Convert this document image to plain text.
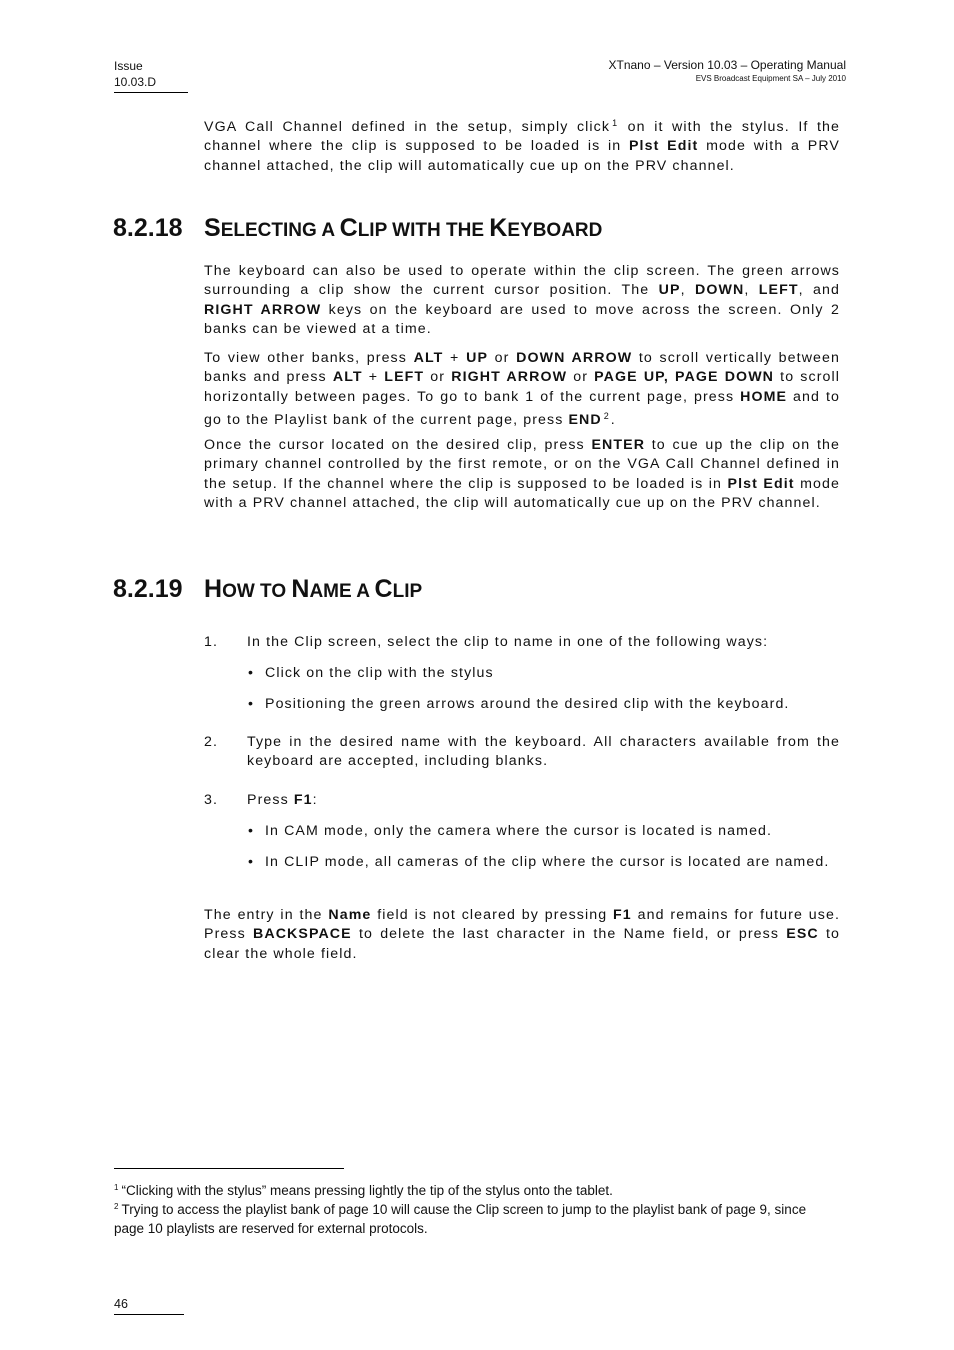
Issue
10.03.D
XTnano – Version 10.03 – Operating Manual
EVS Broadcast Equipment SA – July 2010

VGA Call Channel defined in the setup, simply click $^1$ on it with the stylus. If the channel where the clip is supposed to be loaded is in Plst Edit mode with a PRV channel attached, the clip will automatically cue up on the PRV channel.

8.2.18 SELECTING A CLIP WITH THE KEYBOARD

The keyboard can also be used to operate within the clip screen. The green arrows surrounding a clip show the current cursor position. The UP, DOWN, LEFT, and RIGHT ARROW keys on the keyboard are used to move across the screen. Only 2 banks can be viewed at a time.

To view other banks, press ALT + UP or DOWN ARROW to scroll vertically between banks and press ALT + LEFT or RIGHT ARROW or PAGE UP, PAGE DOWN to scroll horizontally between pages. To go to bank 1 of the current page, press HOME and to go to the Playlist bank of the current page, press END $^2$ .

Once the cursor located on the desired clip, press ENTER to cue up the clip on the primary channel controlled by the first remote, or on the VGA Call Channel defined in the setup. If the channel where the clip is supposed to be loaded is in Plst Edit mode with a PRV channel attached, the clip will automatically cue up on the PRV channel.

8.2.19 HOW TO NAME A CLIP
1. In the Clip screen, select the clip to name in one of the following ways:
• Click on the clip with the stylus
• Positioning the green arrows around the desired clip with the keyboard.
2. Type in the desired name with the keyboard. All characters available from the keyboard are accepted, including blanks.
3. Press F1:
• In CAM mode, only the camera where the cursor is located is named.
• In CLIP mode, all cameras of the clip where the cursor is located are named.

The entry in the Name field is not cleared by pressing F1 and remains for future use. Press BACKSPACE to delete the last character in the Name field, or press ESC to clear the whole field.

$^1$ “Clicking with the stylus” means pressing lightly the tip of the stylus onto the tablet.
$^2$ Trying to access the playlist bank of page 10 will cause the Clip screen to jump to the playlist bank of page 9, since page 10 playlists are reserved for external protocols.
46
